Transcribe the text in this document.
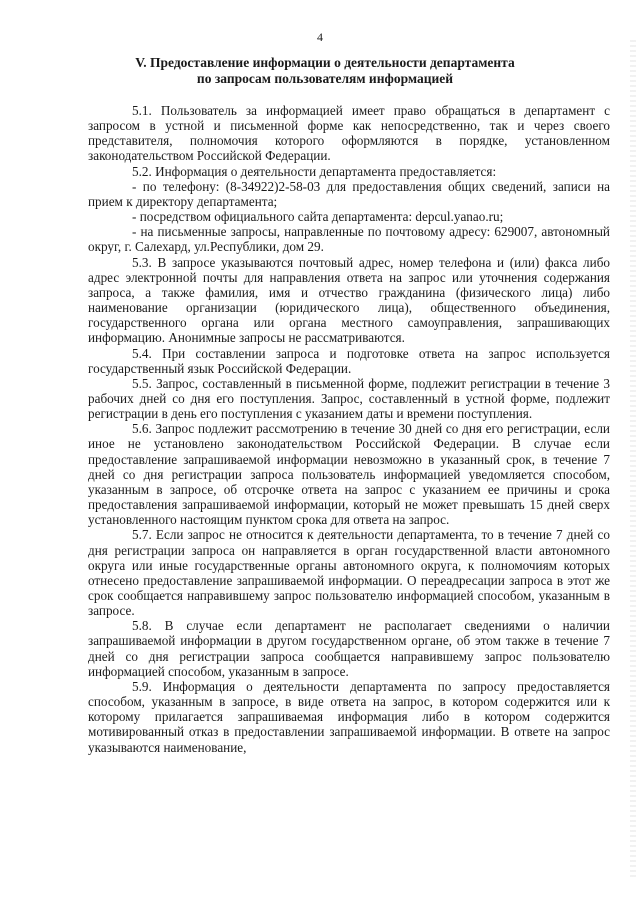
4
V. Предоставление информации о деятельности департамента
по запросам пользователям информацией

5.1. Пользователь за информацией имеет право обращаться в департамент с запросом в устной и письменной форме как непосредственно, так и через своего представителя, полномочия которого оформляются в порядке, установленном законодательством Российской Федерации.

5.2. Информация о деятельности департамента предоставляется:

- по телефону: (8-34922)2-58-03 для предоставления общих сведений, записи на прием к директору департамента;

- посредством официального сайта департамента: depcul.yanao.ru;

- на письменные запросы, направленные по почтовому адресу: 629007, автономный округ, г. Салехард, ул.Республики, дом 29.

5.3. В запросе указываются почтовый адрес, номер телефона и (или) факса либо адрес электронной почты для направления ответа на запрос или уточнения содержания запроса, а также фамилия, имя и отчество гражданина (физического лица) либо наименование организации (юридического лица), общественного объединения, государственного органа или органа местного самоуправления, запрашивающих информацию. Анонимные запросы не рассматриваются.

5.4. При составлении запроса и подготовке ответа на запрос используется государственный язык Российской Федерации.

5.5. Запрос, составленный в письменной форме, подлежит регистрации в течение 3 рабочих дней со дня его поступления. Запрос, составленный в устной форме, подлежит регистрации в день его поступления с указанием даты и времени поступления.

5.6. Запрос подлежит рассмотрению в течение 30 дней со дня его регистрации, если иное не установлено законодательством Российской Федерации. В случае если предоставление запрашиваемой информации невозможно в указанный срок, в течение 7 дней со дня регистрации запроса пользователь информацией уведомляется способом, указанным в запросе, об отсрочке ответа на запрос с указанием ее причины и срока предоставления запрашиваемой информации, который не может превышать 15 дней сверх установленного настоящим пунктом срока для ответа на запрос.

5.7. Если запрос не относится к деятельности департамента, то в течение 7 дней со дня регистрации запроса он направляется в орган государственной власти автономного округа или иные государственные органы автономного округа, к полномочиям которых отнесено предоставление запрашиваемой информации. О переадресации запроса в этот же срок сообщается направившему запрос пользователю информацией способом, указанным в запросе.

5.8. В случае если департамент не располагает сведениями о наличии запрашиваемой информации в другом государственном органе, об этом также в течение 7 дней со дня регистрации запроса сообщается направившему запрос пользователю информацией способом, указанным в запросе.

5.9. Информация о деятельности департамента по запросу предоставляется способом, указанным в запросе, в виде ответа на запрос, в котором содержится или к которому прилагается запрашиваемая информация либо в котором содержится мотивированный отказ в предоставлении запрашиваемой информации. В ответе на запрос указываются наименование,
